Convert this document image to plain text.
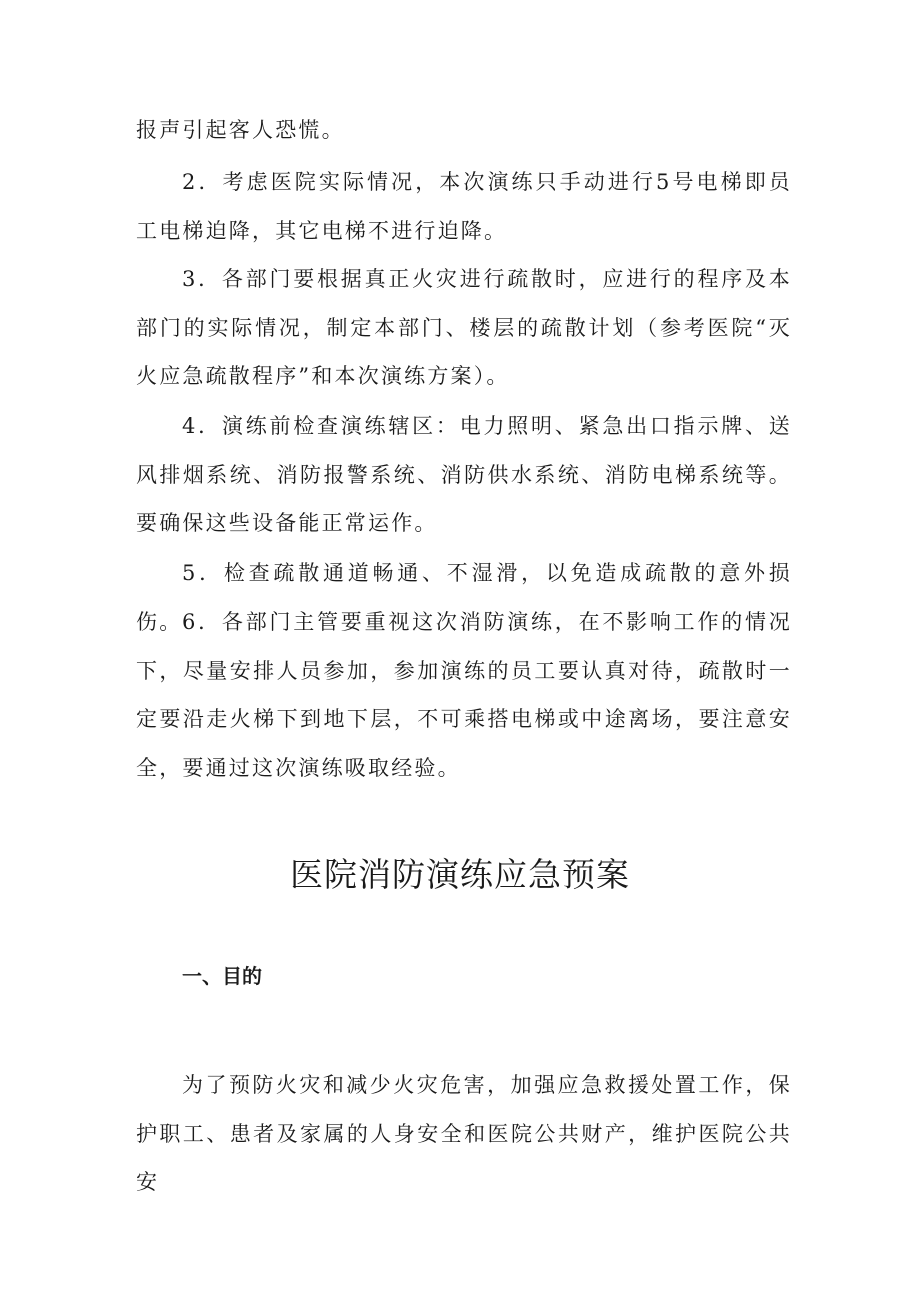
报声引起客人恐慌。

2．考虑医院实际情况，本次演练只手动进行5号电梯即员工电梯迫降，其它电梯不进行迫降。

3．各部门要根据真正火灾进行疏散时，应进行的程序及本部门的实际情况，制定本部门、楼层的疏散计划（参考医院“灭火应急疏散程序”和本次演练方案）。

4．演练前检查演练辖区：电力照明、紧急出口指示牌、送风排烟系统、消防报警系统、消防供水系统、消防电梯系统等。要确保这些设备能正常运作。

5．检查疏散通道畅通、不湿滑，以免造成疏散的意外损伤。 6．各部门主管要重视这次消防演练，在不影响工作的情况下，尽量安排人员参加，参加演练的员工要认真对待，疏散时一定要沿走火梯下到地下层，不可乘搭电梯或中途离场，要注意安全，要通过这次演练吸取经验。

医院消防演练应急预案
一、目的

为了预防火灾和减少火灾危害，加强应急救援处置工作，保护职工、患者及家属的人身安全和医院公共财产，维护医院公共安
